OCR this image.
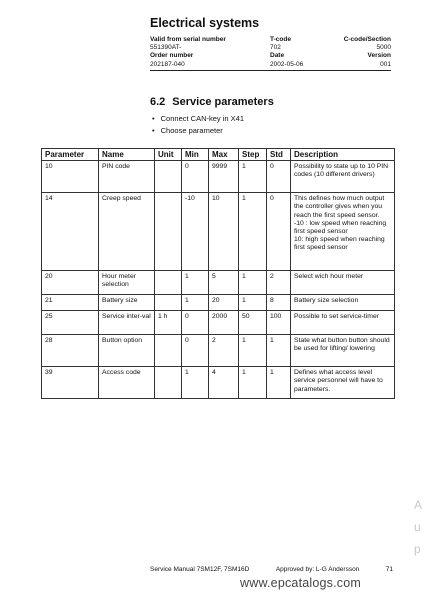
Electrical systems
Valid from serial number	T-code	C-code/Section
551390AT-	702	5000
Order number	Date	Version
202187-040	2002-05-06	001
6.2 Service parameters
• Connect CAN-key in X41
• Choose parameter
Parameter	Name	Unit	Min	Max	Step	Std	Description
10	PIN code		0	9999	1	0	Possibility to state up to 10 PIN codes (10 different drivers)
14	Creep speed		-10	10	1	0	This defines how much output the controller gives when you reach the first speed sensor.
-10 : low speed when reaching first speed sensor
10: high speed when reaching first speed sensor
20	Hour meter selection		1	5	1	2	Select wich hour meter
21	Battery size		1	20	1	8	Battery size selection
25	Service inter-val	1 h	0	2000	50	100	Possible to set service-timer
28	Button option		0	2	1	1	State what button button should be used for lifting/ lowering
39	Access code		1	4	1	1	Defines what access level service personnel will have to parameters.
Service Manual 7SM12F, 7SM16D	Approved by: L-G Andersson	71
www.epcatalogs.com
A
u
p
